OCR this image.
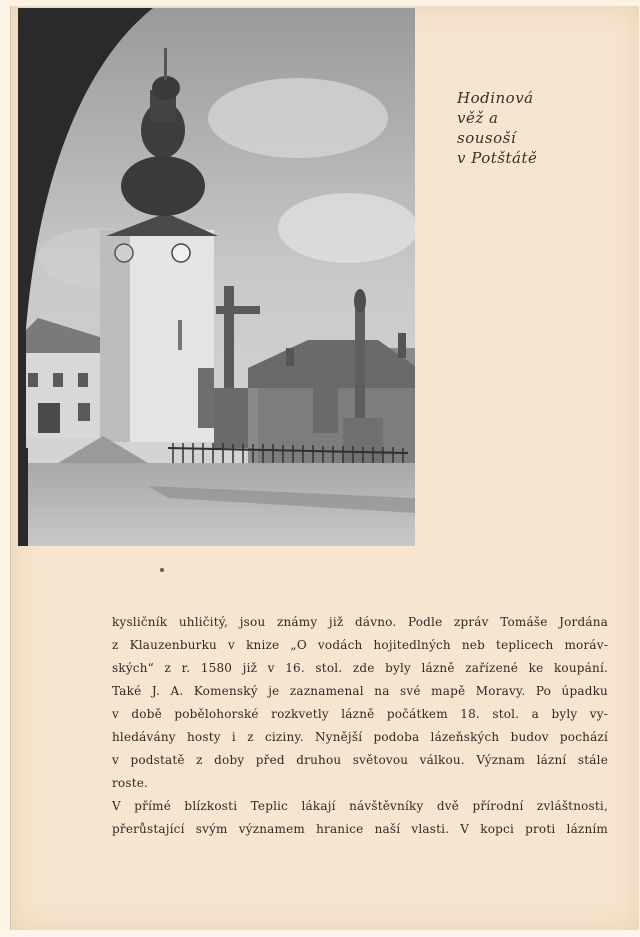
Hodinová
věž a
sousoší
v Potštátě

kysličník uhličitý, jsou známy již dávno. Podle zpráv Tomáše Jordána

z Klauzenburku v knize „O vodách hojitedlných neb teplicech moráv-

ských“ z r. 1580 již v 16. stol. zde byly lázně zařízené ke koupání.

Také J. A. Komenský je zaznamenal na své mapě Moravy. Po úpadku

v době pobělohorské rozkvetly lázně počátkem 18. stol. a byly vy-

hledávány hosty i z ciziny. Nynější podoba lázeňských budov pochází

v podstatě z doby před druhou světovou válkou. Význam lázní stále

roste.

V přímé blízkosti Teplic lákají návštěvníky dvě přírodní zvláštnosti,

přerůstající svým významem hranice naší vlasti. V kopci proti lázním
